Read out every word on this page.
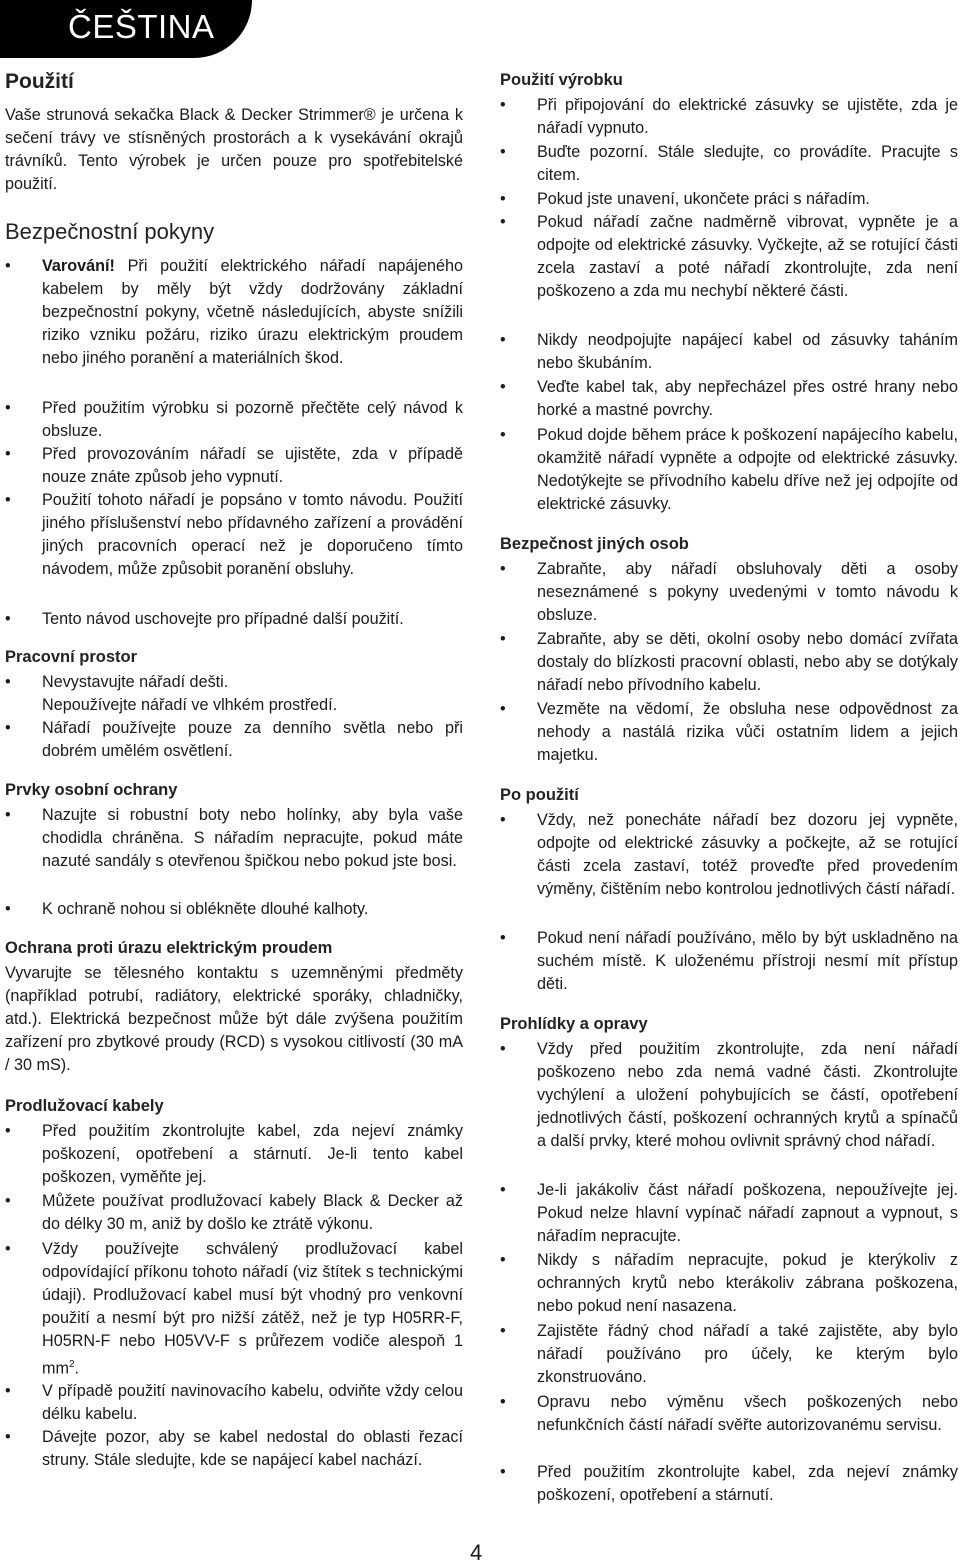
ČEŠTINA
Použití
Vaše strunová sekačka Black & Decker Strimmer® je určena k sečení trávy ve stísněných prostorách a k vysekávání okrajů trávníků. Tento výrobek je určen pouze pro spotřebitelské použití.
Bezpečnostní pokyny
• Varování! Při použití elektrického nářadí napájeného kabelem by měly být vždy dodržovány základní bezpečnostní pokyny, včetně následujících, abyste snížili riziko vzniku požáru, riziko úrazu elektrickým proudem nebo jiného poranění a materiálních škod.
• Před použitím výrobku si pozorně přečtěte celý návod k obsluze.
• Před provozováním nářadí se ujistěte, zda v případě nouze znáte způsob jeho vypnutí.
• Použití tohoto nářadí je popsáno v tomto návodu. Použití jiného příslušenství nebo přídavného zařízení a provádění jiných pracovních operací než je doporučeno tímto návodem, může způsobit poranění obsluhy.
• Tento návod uschovejte pro případné další použití.
Pracovní prostor
• Nevystavujte nářadí dešti.
Nepoužívejte nářadí ve vlhkém prostředí.
• Nářadí používejte pouze za denního světla nebo při dobrém umělém osvětlení.
Prvky osobní ochrany
• Nazujte si robustní boty nebo holínky, aby byla vaše chodidla chráněna. S nářadím nepracujte, pokud máte nazuté sandály s otevřenou špičkou nebo pokud jste bosi.
• K ochraně nohou si oblékněte dlouhé kalhoty.
Ochrana proti úrazu elektrickým proudem
Vyvarujte se tělesného kontaktu s uzemněnými předměty (například potrubí, radiátory, elektrické sporáky, chladničky, atd.). Elektrická bezpečnost může být dále zvýšena použitím zařízení pro zbytkové proudy (RCD) s vysokou citlivostí (30 mA / 30 mS).
Prodlužovací kabely
• Před použitím zkontrolujte kabel, zda nejeví známky poškození, opotřebení a stárnutí. Je-li tento kabel poškozen, vyměňte jej.
• Můžete používat prodlužovací kabely Black & Decker až do délky 30 m, aniž by došlo ke ztrátě výkonu.
• Vždy používejte schválený prodlužovací kabel odpovídající příkonu tohoto nářadí (viz štítek s technickými údaji). Prodlužovací kabel musí být vhodný pro venkovní použití a nesmí být pro nižší zátěž, než je typ H05RR-F, H05RN-F nebo H05VV-F s průřezem vodiče alespoň 1 $mm^2$.
• V případě použití navinovacího kabelu, odviňte vždy celou délku kabelu.
• Dávejte pozor, aby se kabel nedostal do oblasti řezací struny. Stále sledujte, kde se napájecí kabel nachází.
Použití výrobku
• Při připojování do elektrické zásuvky se ujistěte, zda je nářadí vypnuto.
• Buďte pozorní. Stále sledujte, co provádíte. Pracujte s citem.
• Pokud jste unavení, ukončete práci s nářadím.
• Pokud nářadí začne nadměrně vibrovat, vypněte je a odpojte od elektrické zásuvky. Vyčkejte, až se rotující části zcela zastaví a poté nářadí zkontrolujte, zda není poškozeno a zda mu nechybí některé části.
• Nikdy neodpojujte napájecí kabel od zásuvky taháním nebo škubáním.
• Veďte kabel tak, aby nepřecházel přes ostré hrany nebo horké a mastné povrchy.
• Pokud dojde během práce k poškození napájecího kabelu, okamžitě nářadí vypněte a odpojte od elektrické zásuvky. Nedotýkejte se přívodního kabelu dříve než jej odpojíte od elektrické zásuvky.
Bezpečnost jiných osob
• Zabraňte, aby nářadí obsluhovaly děti a osoby neseznámené s pokyny uvedenými v tomto návodu k obsluze.
• Zabraňte, aby se děti, okolní osoby nebo domácí zvířata dostaly do blízkosti pracovní oblasti, nebo aby se dotýkaly nářadí nebo přívodního kabelu.
• Vezměte na vědomí, že obsluha nese odpovědnost za nehody a nastálá rizika vůči ostatním lidem a jejich majetku.
Po použití
• Vždy, než ponecháte nářadí bez dozoru jej vypněte, odpojte od elektrické zásuvky a počkejte, až se rotující části zcela zastaví, totéž proveďte před provedením výměny, čištěním nebo kontrolou jednotlivých částí nářadí.
• Pokud není nářadí používáno, mělo by být uskladněno na suchém místě. K uloženému přístroji nesmí mít přístup děti.
Prohlídky a opravy
• Vždy před použitím zkontrolujte, zda není nářadí poškozeno nebo zda nemá vadné části. Zkontrolujte vychýlení a uložení pohybujících se částí, opotřebení jednotlivých částí, poškození ochranných krytů a spínačů a další prvky, které mohou ovlivnit správný chod nářadí.
• Je-li jakákoliv část nářadí poškozena, nepoužívejte jej. Pokud nelze hlavní vypínač nářadí zapnout a vypnout, s nářadím nepracujte.
• Nikdy s nářadím nepracujte, pokud je kterýkoliv z ochranných krytů nebo kterákoliv zábrana poškozena, nebo pokud není nasazena.
• Zajistěte řádný chod nářadí a také zajistěte, aby bylo nářadí používáno pro účely, ke kterým bylo zkonstruováno.
• Opravu nebo výměnu všech poškozených nebo nefunkčních částí nářadí svěřte autorizovanému servisu.
• Před použitím zkontrolujte kabel, zda nejeví známky poškození, opotřebení a stárnutí.
4
